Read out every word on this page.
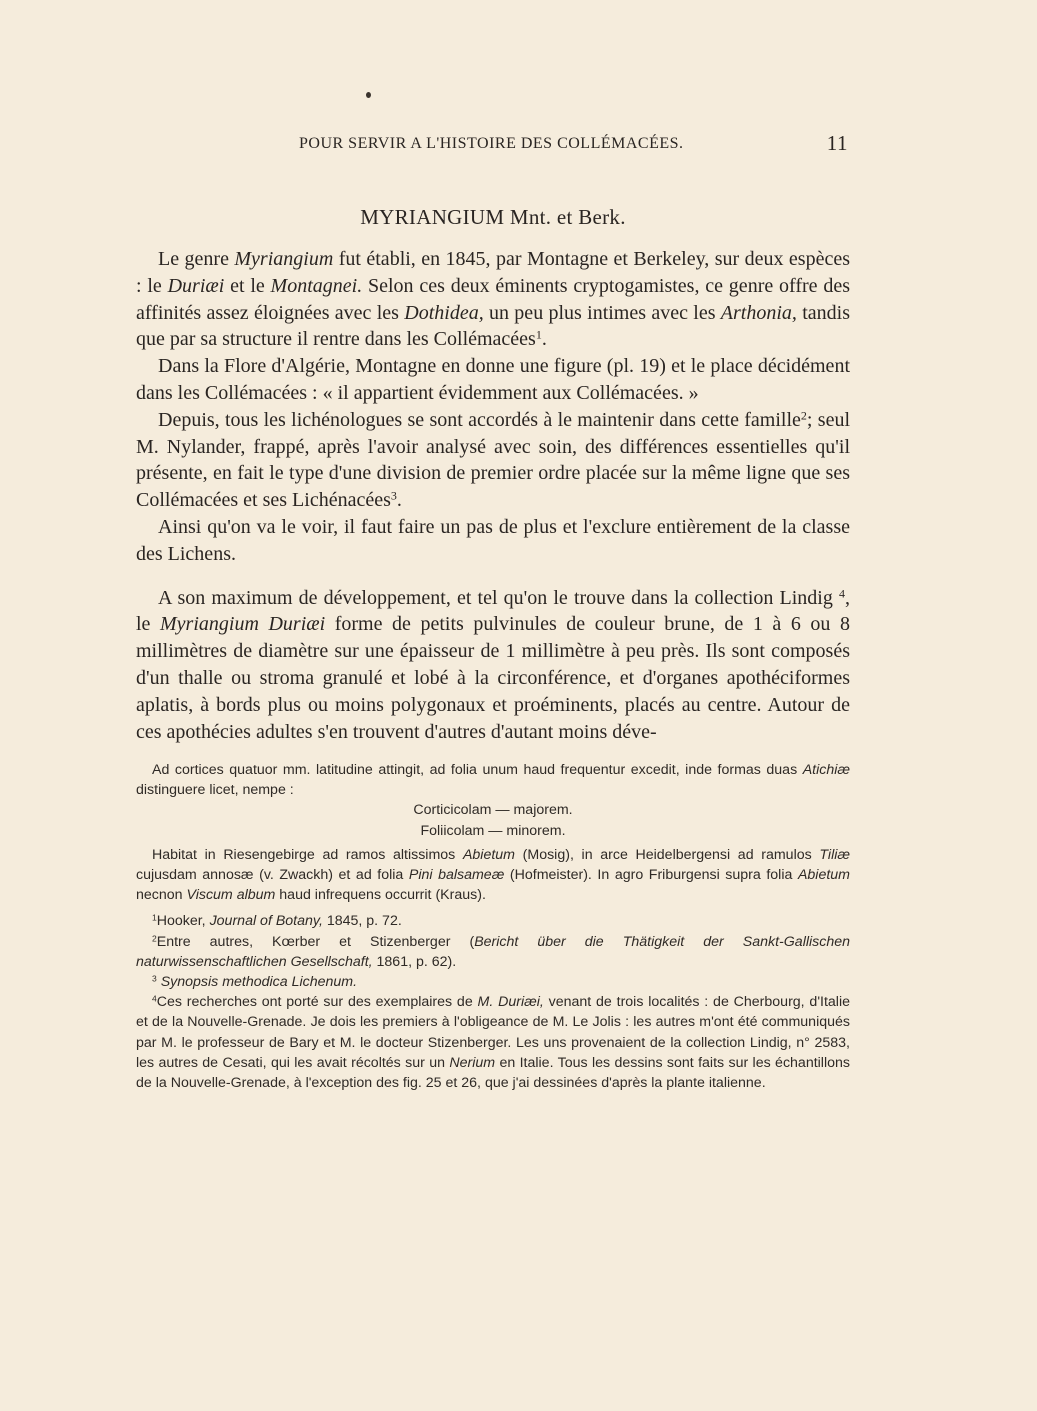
POUR SERVIR A L'HISTOIRE DES COLLÉMACÉES.	11
MYRIANGIUM Mnt. et Berk.

Le genre Myriangium fut établi, en 1845, par Montagne et Berkeley, sur deux espèces : le Duriæi et le Montagnei. Selon ces deux éminents cryptogamistes, ce genre offre des affinités assez éloignées avec les Dothidea, un peu plus intimes avec les Arthonia, tandis que par sa structure il rentre dans les Collémacées$^1$.

Dans la Flore d'Algérie, Montagne en donne une figure (pl. 19) et le place décidément dans les Collémacées : « il appartient évidemment aux Collémacées. »

Depuis, tous les lichénologues se sont accordés à le maintenir dans cette famille$^2$; seul M. Nylander, frappé, après l'avoir analysé avec soin, des différences essentielles qu'il présente, en fait le type d'une division de premier ordre placée sur la même ligne que ses Collémacées et ses Lichénacées$^3$.

Ainsi qu'on va le voir, il faut faire un pas de plus et l'exclure entièrement de la classe des Lichens.

A son maximum de développement, et tel qu'on le trouve dans la collection Lindig $^4$, le Myriangium Duriæi forme de petits pulvinules de couleur brune, de 1 à 6 ou 8 millimètres de diamètre sur une épaisseur de 1 millimètre à peu près. Ils sont composés d'un thalle ou stroma granulé et lobé à la circonférence, et d'organes apothéciformes aplatis, à bords plus ou moins polygonaux et proéminents, placés au centre. Autour de ces apothécies adultes s'en trouvent d'autres d'autant moins déve-

Ad cortices quatuor mm. latitudine attingit, ad folia unum haud frequentur excedit, inde formas duas Atichiæ distinguere licet, nempe :

Corticicolam — majorem.

Foliicolam — minorem.

Habitat in Riesengebirge ad ramos altissimos Abietum (Mosig), in arce Heidelbergensi ad ramulos Tiliæ cujusdam annosæ (v. Zwackh) et ad folia Pini balsameæ (Hofmeister). In agro Friburgensi supra folia Abietum necnon Viscum album haud infrequens occurrit (Kraus).

$^1$Hooker, Journal of Botany, 1845, p. 72.

$^2$Entre autres, Kœrber et Stizenberger (Bericht über die Thätigkeit der Sankt-Gallischen naturwissenschaftlichen Gesellschaft, 1861, p. 62).

$^3$ Synopsis methodica Lichenum.

$^4$Ces recherches ont porté sur des exemplaires de M. Duriæi, venant de trois localités : de Cherbourg, d'Italie et de la Nouvelle-Grenade. Je dois les premiers à l'obligeance de M. Le Jolis : les autres m'ont été communiqués par M. le professeur de Bary et M. le docteur Stizenberger. Les uns provenaient de la collection Lindig, n° 2583, les autres de Cesati, qui les avait récoltés sur un Nerium en Italie. Tous les dessins sont faits sur les échantillons de la Nouvelle-Grenade, à l'exception des fig. 25 et 26, que j'ai dessinées d'après la plante italienne.
